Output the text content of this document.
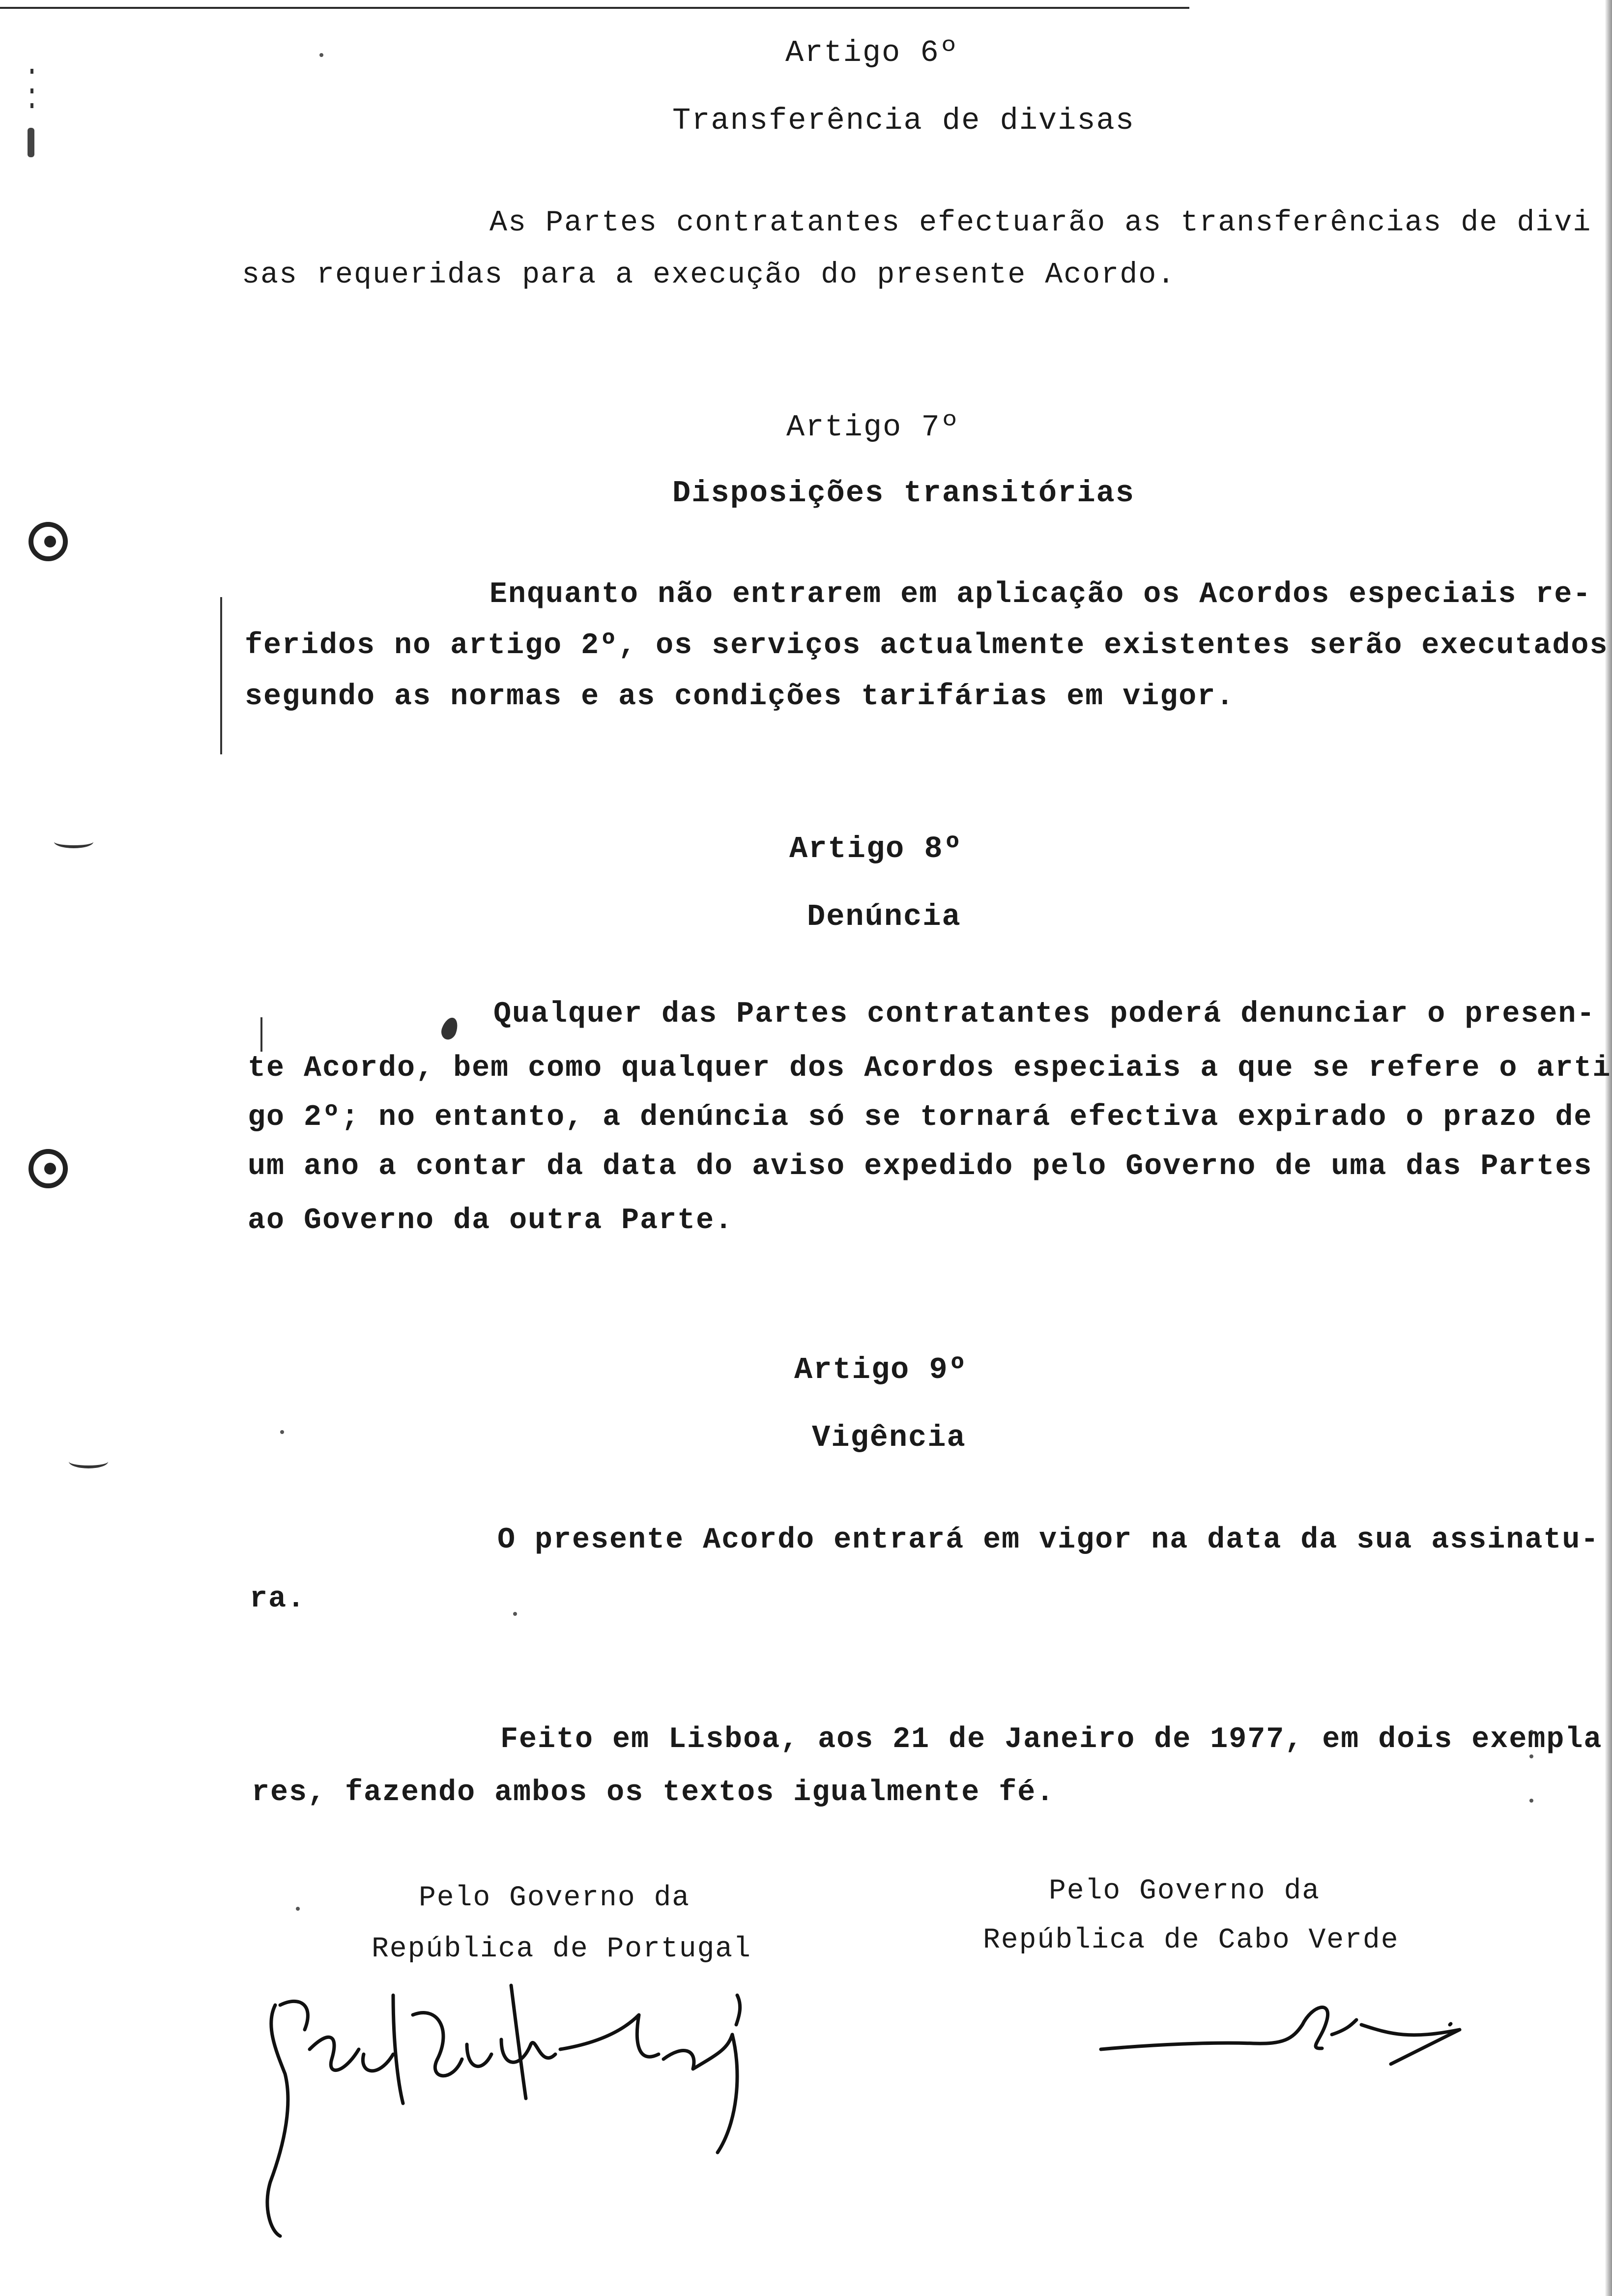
Artigo 6º
Transferência de divisas
As Partes contratantes efectuarão as transferências de divi
sas requeridas para a execução do presente Acordo.
Artigo 7º
Disposições transitórias
Enquanto não entrarem em aplicação os Acordos especiais re-
feridos no artigo 2º, os serviços actualmente existentes serão executados
segundo as normas e as condições tarifárias em vigor.
Artigo 8º
Denúncia
Qualquer das Partes contratantes poderá denunciar o presen-
te Acordo, bem como qualquer dos Acordos especiais a que se refere o arti
go 2º; no entanto, a denúncia só se tornará efectiva expirado o prazo de
um ano a contar da data do aviso expedido pelo Governo de uma das Partes
ao Governo da outra Parte.
Artigo 9º
Vigência
O presente Acordo entrará em vigor na data da sua assinatu-
ra.
Feito em Lisboa, aos 21 de Janeiro de 1977, em dois exempla
res, fazendo ambos os textos igualmente fé.
Pelo Governo da
República de Portugal
Pelo Governo da
República de Cabo Verde
